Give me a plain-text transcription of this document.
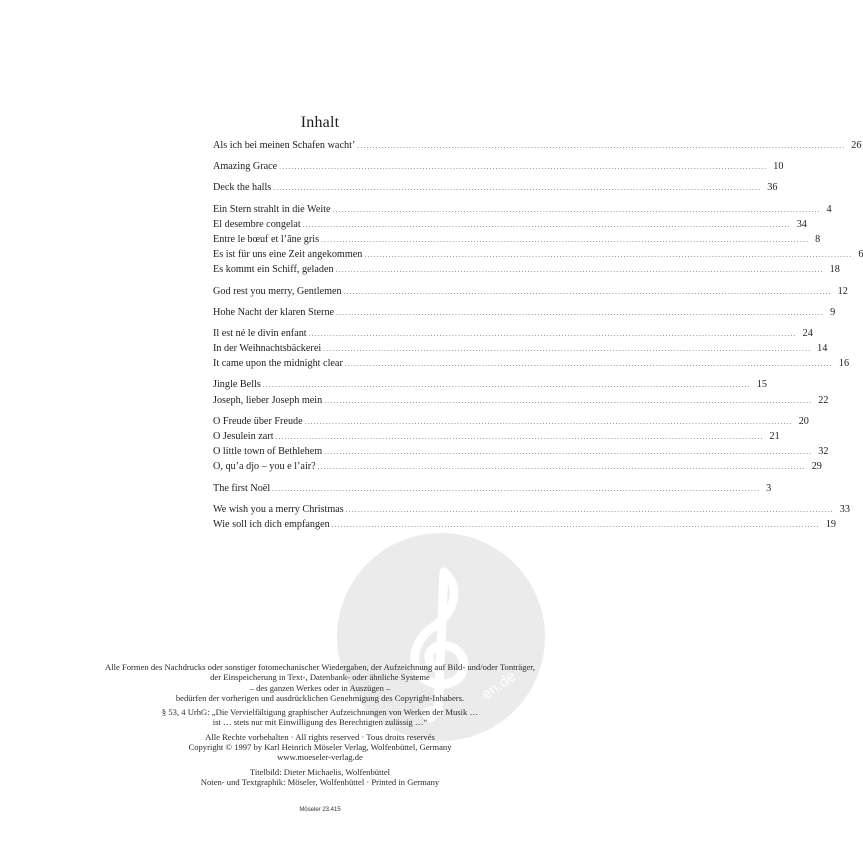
Inhalt
Als ich bei meinen Schafen wacht’ ................................................................................................................................................................ 26
Amazing Grace ................................................................................................................................................................ 10
Deck the halls ................................................................................................................................................................ 36
Ein Stern strahlt in die Weite ................................................................................................................................................................ 4
El desembre congelat ................................................................................................................................................................ 34
Entre le bœuf et l’âne gris ................................................................................................................................................................ 8
Es ist für uns eine Zeit angekommen ................................................................................................................................................................ 6
Es kommt ein Schiff, geladen ................................................................................................................................................................ 18
God rest you merry, Gentlemen ................................................................................................................................................................ 12
Hohe Nacht der klaren Sterne ................................................................................................................................................................ 9
Il est né le divin enfant ................................................................................................................................................................ 24
In der Weihnachtsbäckerei ................................................................................................................................................................ 14
It came upon the midnight clear ................................................................................................................................................................ 16
Jingle Bells ................................................................................................................................................................ 15
Joseph, lieber Joseph mein ................................................................................................................................................................ 22
O Freude über Freude ................................................................................................................................................................ 20
O Jesulein zart ................................................................................................................................................................ 21
O little town of Bethlehem ................................................................................................................................................................ 32
O, qu’a djo – you e l’air? ................................................................................................................................................................ 29
The first Noël ................................................................................................................................................................ 3
We wish you a merry Christmas ................................................................................................................................................................ 33
Wie soll ich dich empfangen ................................................................................................................................................................ 19
en.de
Alle Formen des Nachdrucks oder sonstiger fotomechanischer Wiedergaben, der Aufzeichnung auf Bild- und/oder Tonträger,
der Einspeicherung in Text-, Datenbank- oder ähnliche Systeme
– des ganzen Werkes oder in Auszügen –
bedürfen der vorherigen und ausdrücklichen Genehmigung des Copyright-Inhabers.
§ 53, 4 UrhG: „Die Vervielfältigung graphischer Aufzeichnungen von Werken der Musik …
ist … stets nur mit Einwilligung des Berechtigten zulässig …“
Alle Rechte vorbehalten · All rights reserved · Tous droits reservés
Copyright © 1997 by Karl Heinrich Möseler Verlag, Wolfenbüttel, Germany
www.moeseler-verlag.de
Titelbild: Dieter Michaelis, Wolfenbüttel
Noten- und Textgraphik: Möseler, Wolfenbüttel · Printed in Germany
Möseler 23.415
